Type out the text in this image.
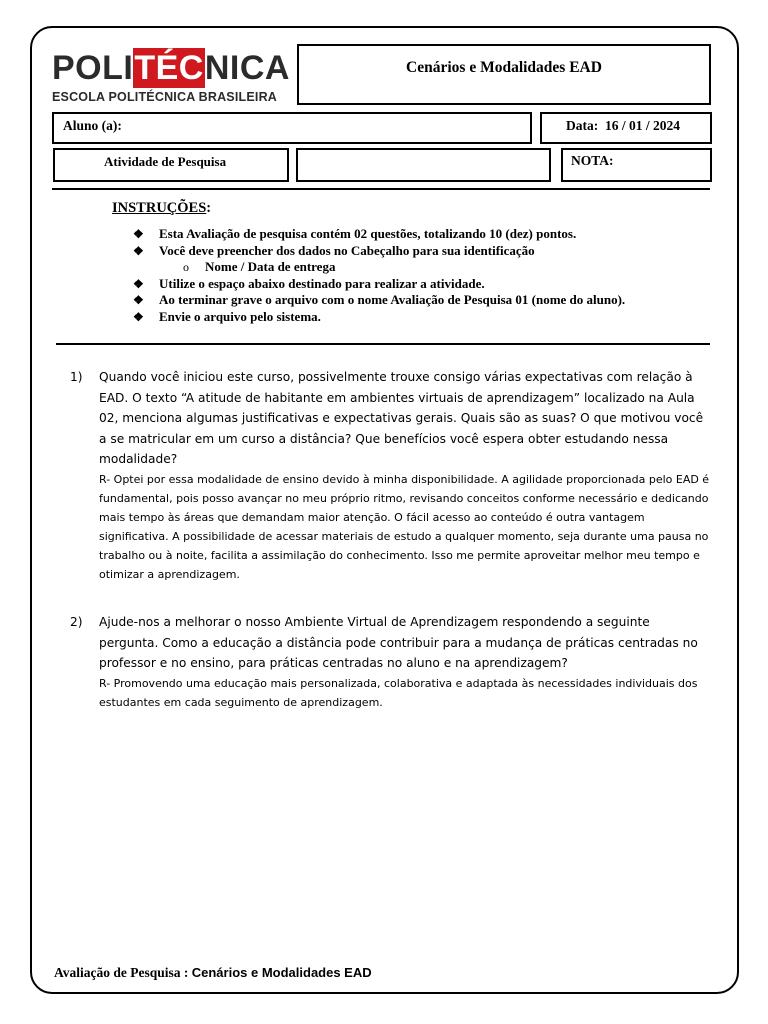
POLITÉCNICA
ESCOLA POLITÉCNICA BRASILEIRA
Cenários e Modalidades EAD
Aluno (a):	Data: 16 / 01 / 2024
Atividade de Pesquisa	NOTA:
INSTRUÇÕES:
❖ Esta Avaliação de pesquisa contém 02 questões, totalizando 10 (dez) pontos.
❖ Você deve preencher dos dados no Cabeçalho para sua identificação
o Nome / Data de entrega
❖ Utilize o espaço abaixo destinado para realizar a atividade.
❖ Ao terminar grave o arquivo com o nome Avaliação de Pesquisa 01 (nome do aluno).
❖ Envie o arquivo pelo sistema.
1) Quando você iniciou este curso, possivelmente trouxe consigo várias expectativas com relação à EAD. O texto “A atitude de habitante em ambientes virtuais de aprendizagem” localizado na Aula 02, menciona algumas justificativas e expectativas gerais. Quais são as suas? O que motivou você a se matricular em um curso a distância? Que benefícios você espera obter estudando nessa modalidade?
R- Optei por essa modalidade de ensino devido à minha disponibilidade. A agilidade proporcionada pelo EAD é fundamental, pois posso avançar no meu próprio ritmo, revisando conceitos conforme necessário e dedicando mais tempo às áreas que demandam maior atenção. O fácil acesso ao conteúdo é outra vantagem significativa. A possibilidade de acessar materiais de estudo a qualquer momento, seja durante uma pausa no trabalho ou à noite, facilita a assimilação do conhecimento. Isso me permite aproveitar melhor meu tempo e otimizar a aprendizagem.
2) Ajude-nos a melhorar o nosso Ambiente Virtual de Aprendizagem respondendo a seguinte pergunta. Como a educação a distância pode contribuir para a mudança de práticas centradas no professor e no ensino, para práticas centradas no aluno e na aprendizagem?
R- Promovendo uma educação mais personalizada, colaborativa e adaptada às necessidades individuais dos estudantes em cada seguimento de aprendizagem.
Avaliação de Pesquisa : Cenários e Modalidades EAD
